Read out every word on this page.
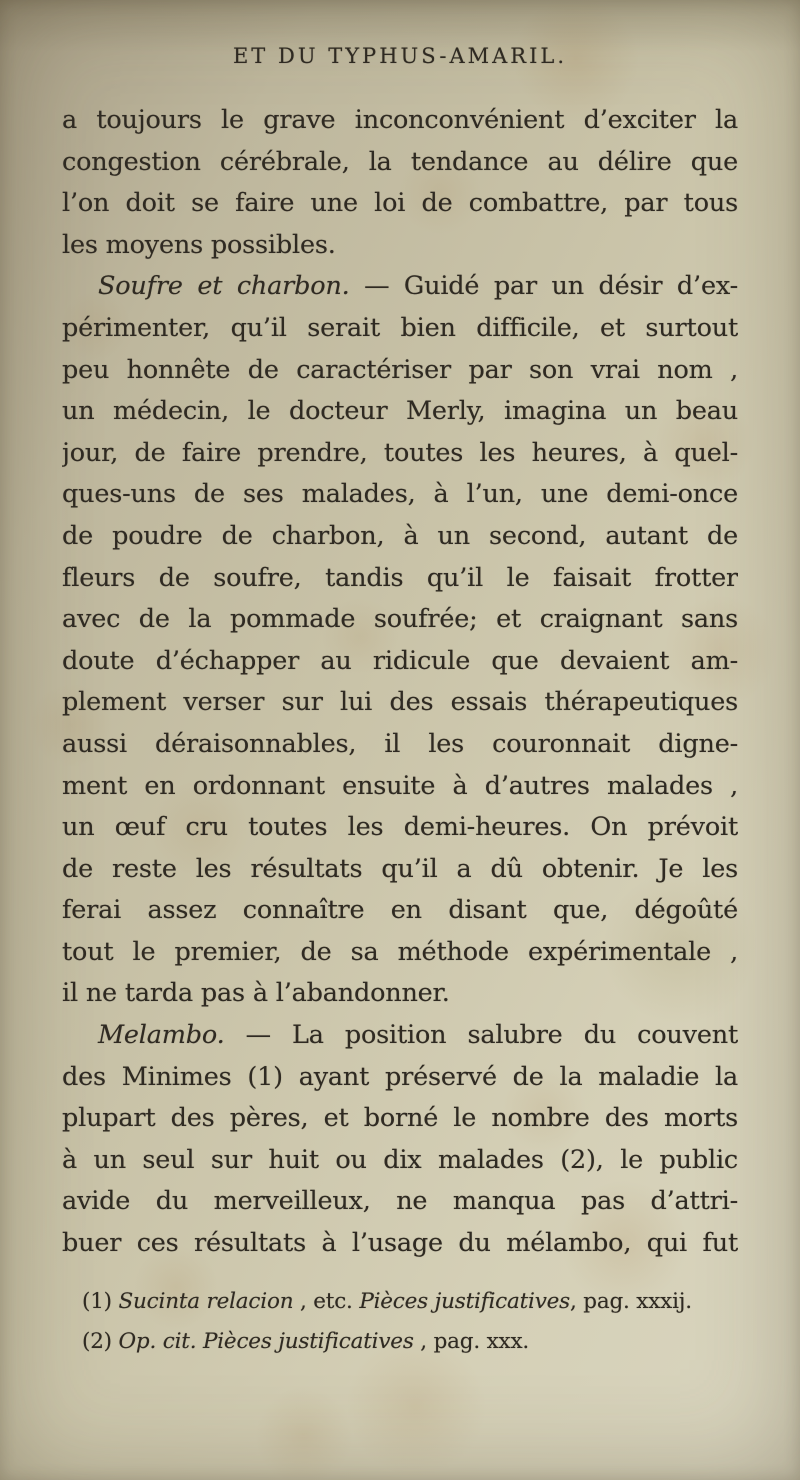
ET DU TYPHUS-AMARIL.
a toujours le grave inconconvénient d’exciter la
congestion cérébrale, la tendance au délire que
l’on doit se faire une loi de combattre, par tous
les moyens possibles.
Soufre et charbon. — Guidé par un désir d’ex-
périmenter, qu’il serait bien difficile, et surtout
peu honnête de caractériser par son vrai nom ,
un médecin, le docteur Merly, imagina un beau
jour, de faire prendre, toutes les heures, à quel-
ques-uns de ses malades, à l’un, une demi-once
de poudre de charbon, à un second, autant de
fleurs de soufre, tandis qu’il le faisait frotter
avec de la pommade soufrée; et craignant sans
doute d’échapper au ridicule que devaient am-
plement verser sur lui des essais thérapeutiques
aussi déraisonnables, il les couronnait digne-
ment en ordonnant ensuite à d’autres malades ,
un œuf cru toutes les demi-heures. On prévoit
de reste les résultats qu’il a dû obtenir. Je les
ferai assez connaître en disant que, dégoûté
tout le premier, de sa méthode expérimentale ,
il ne tarda pas à l’abandonner.
Melambo. — La position salubre du couvent
des Minimes (1) ayant préservé de la maladie la
plupart des pères, et borné le nombre des morts
à un seul sur huit ou dix malades (2), le public
avide du merveilleux, ne manqua pas d’attri-
buer ces résultats à l’usage du mélambo, qui fut
(1) Sucinta relacion , etc. Pièces justificatives, pag. xxxij.
(2) Op. cit. Pièces justificatives , pag. xxx.
